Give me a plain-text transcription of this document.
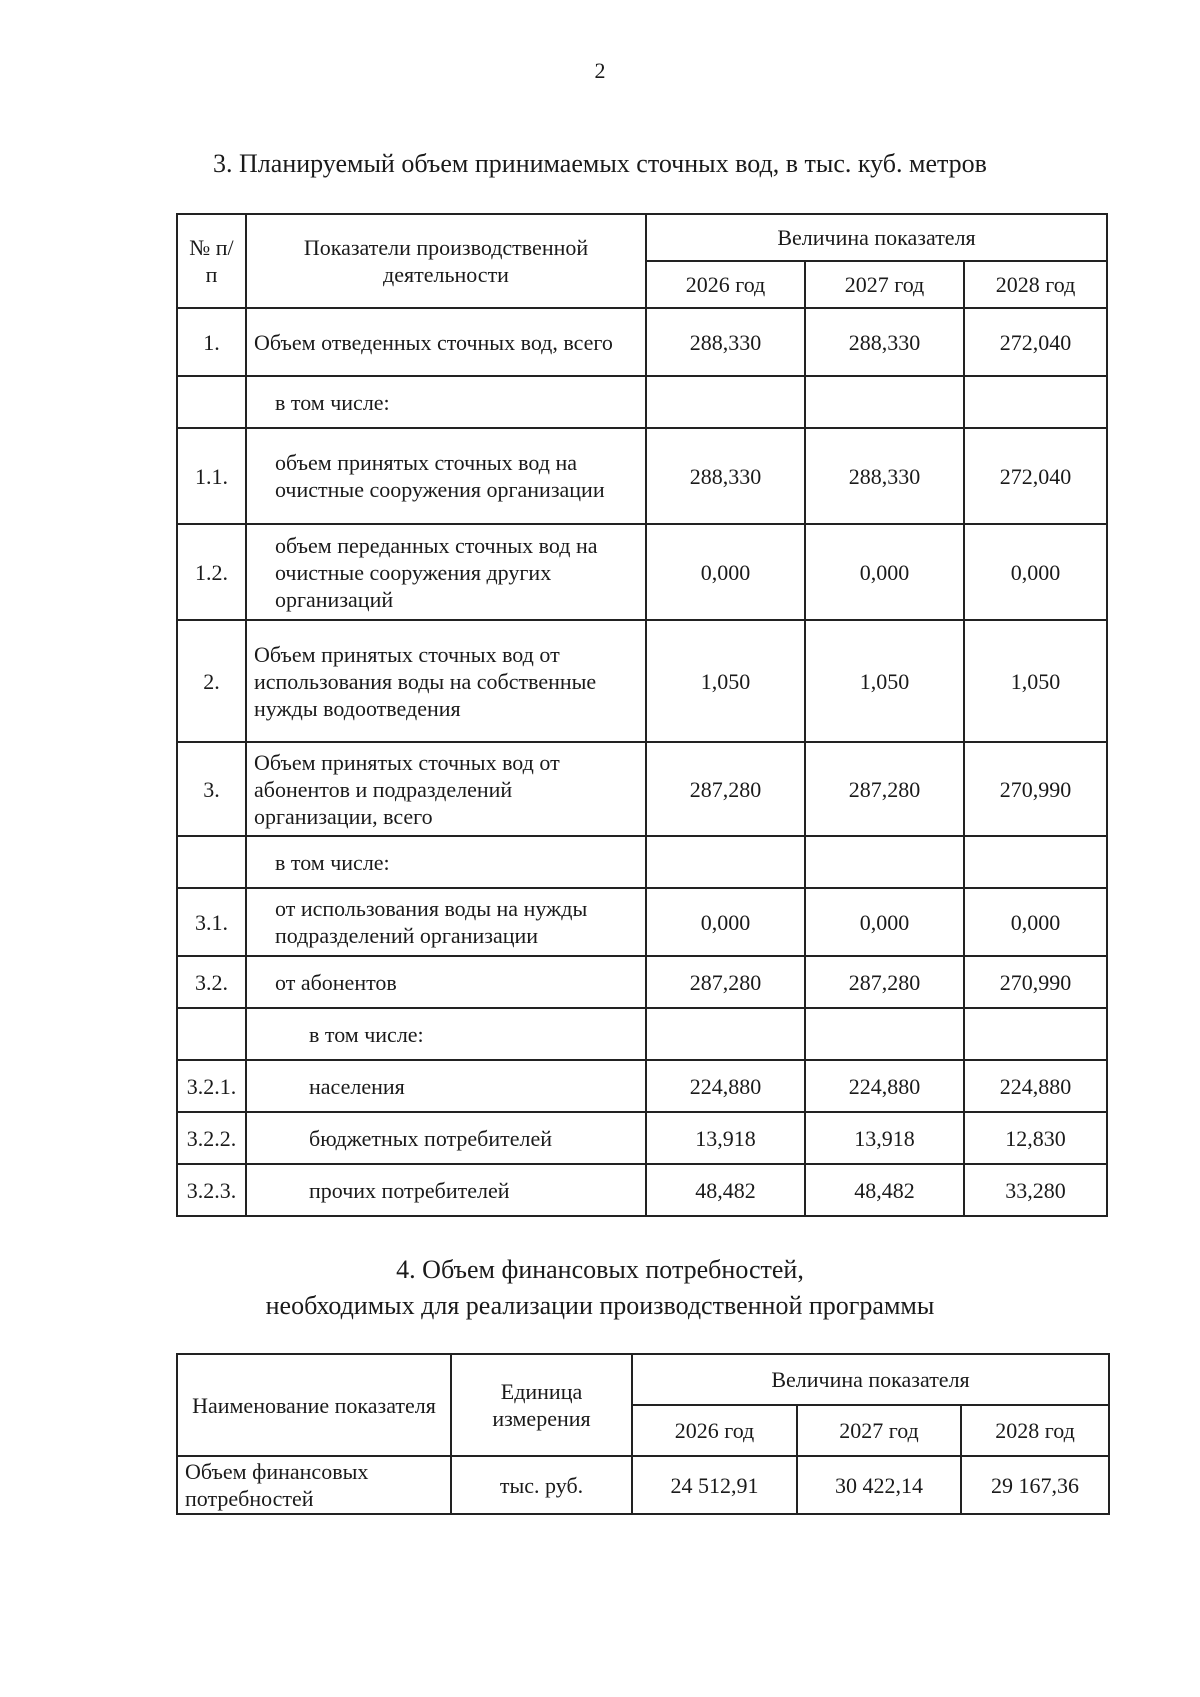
2
3. Планируемый объем принимаемых сточных вод, в тыс. куб. метров
№ п/п	Показатели производственной деятельности	Величина показателя		
		2026 год	2027 год	2028 год
1.	Объем отведенных сточных вод, всего	288,330	288,330	272,040
	в том числе:			
1.1.	объем принятых сточных вод на очистные сооружения организации	288,330	288,330	272,040
1.2.	объем переданных сточных вод на очистные сооружения других организаций	0,000	0,000	0,000
2.	Объем принятых сточных вод от использования воды на собственные нужды водоотведения	1,050	1,050	1,050
3.	Объем принятых сточных вод от абонентов и подразделений организации, всего	287,280	287,280	270,990
	в том числе:			
3.1.	от использования воды на нужды подразделений организации	0,000	0,000	0,000
3.2.	от абонентов	287,280	287,280	270,990
	в том числе:			
3.2.1.	населения	224,880	224,880	224,880
3.2.2.	бюджетных потребителей	13,918	13,918	12,830
3.2.3.	прочих потребителей	48,482	48,482	33,280
4. Объем финансовых потребностей,
необходимых для реализации производственной программы
Наименование показателя	Единица измерения	Величина показателя		
		2026 год	2027 год	2028 год
Объем финансовых потребностей	тыс. руб.	24 512,91	30 422,14	29 167,36
